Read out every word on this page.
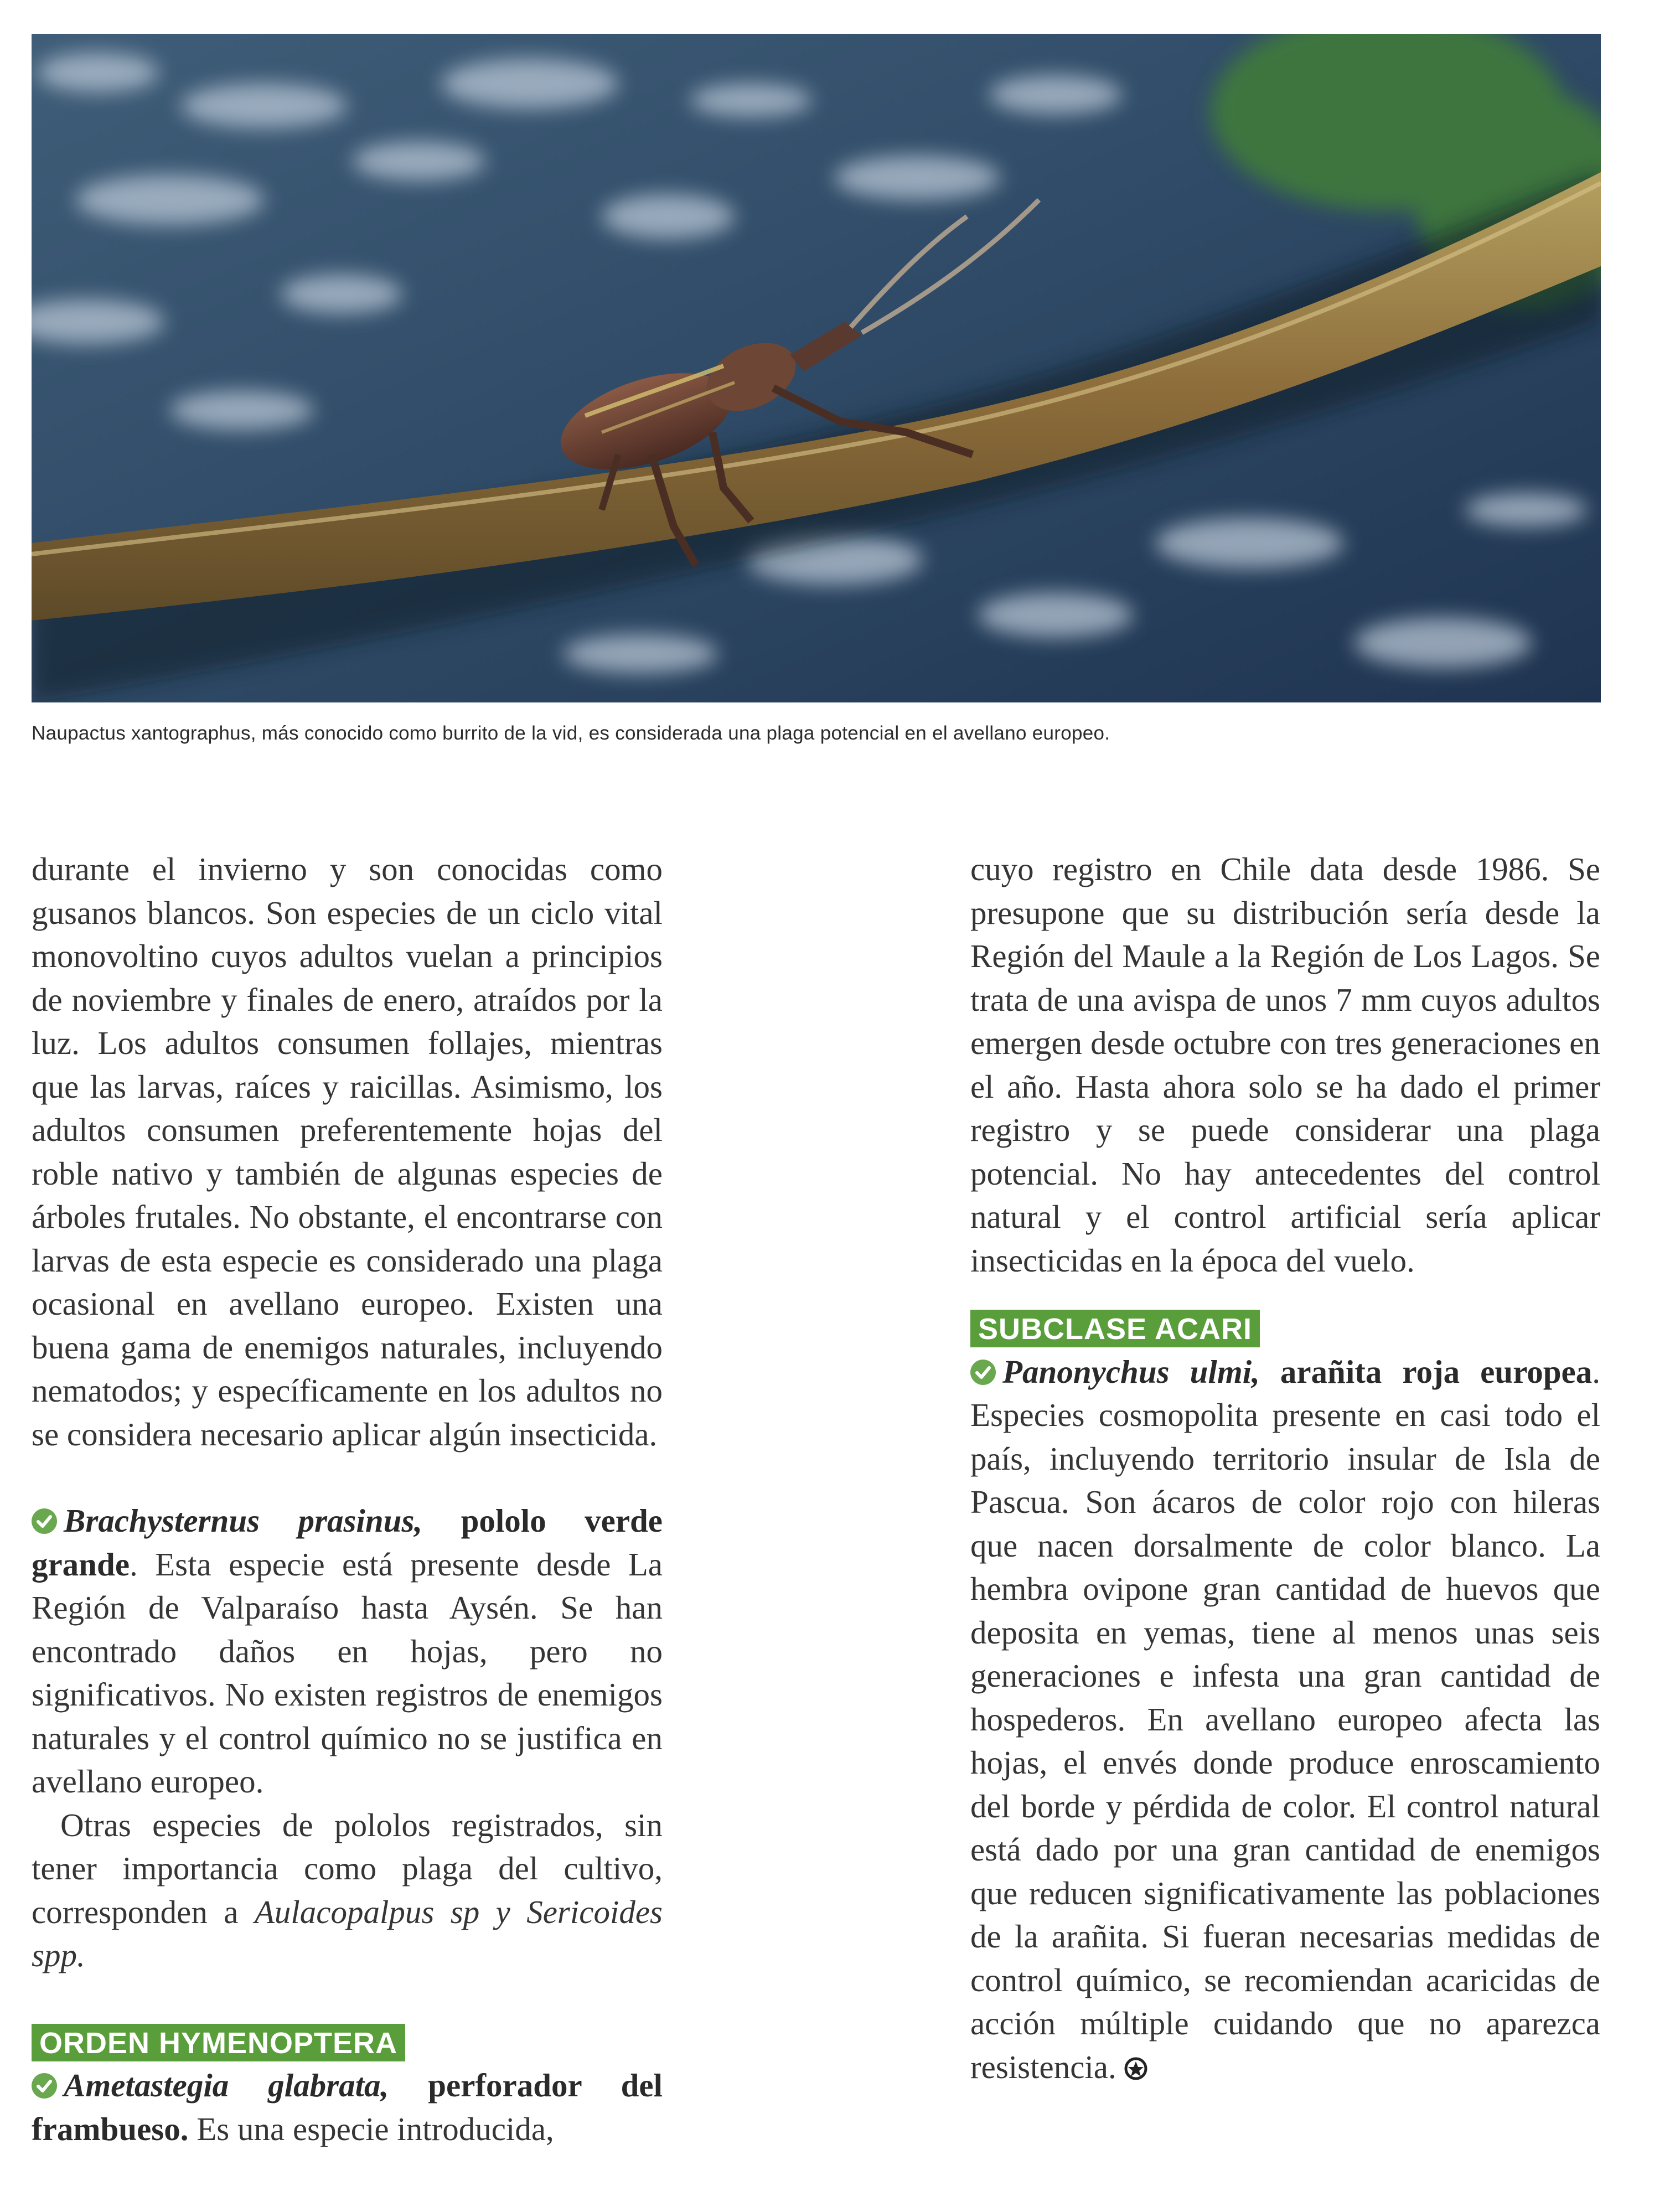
Naupactus xantographus, más conocido como burrito de la vid, es considerada una plaga potencial en el avellano europeo.

durante el invierno y son conocidas como gusanos blancos. Son especies de un ciclo vital monovoltino cuyos adultos vuelan a principios de noviembre y finales de enero, atraídos por la luz. Los adultos consumen follajes, mientras que las larvas, raíces y raicillas. Asimismo, los adultos consumen preferentemente hojas del roble nativo y también de algunas especies de árboles frutales. No obstante, el encontrarse con larvas de esta especie es considerado una plaga ocasional en avellano europeo. Existen una buena gama de enemigos naturales, incluyendo nematodos; y específicamente en los adultos no se considera necesario aplicar algún insecticida.

Brachysternus prasinus, pololo verde grande. Esta especie está presente desde La Región de Valparaíso hasta Aysén. Se han encontrado daños en hojas, pero no significativos. No existen registros de enemigos naturales y el control químico no se justifica en avellano europeo.

Otras especies de pololos registrados, sin tener importancia como plaga del cultivo, corresponden a Aulacopalpus sp y Sericoides spp.

ORDEN HYMENOPTERA

Ametastegia glabrata, perforador del frambueso. Es una especie introducida,

cuyo registro en Chile data desde 1986. Se presupone que su distribución sería desde la Región del Maule a la Región de Los Lagos. Se trata de una avispa de unos 7 mm cuyos adultos emergen desde octubre con tres generaciones en el año. Hasta ahora solo se ha dado el primer registro y se puede considerar una plaga potencial. No hay antecedentes del control natural y el control artificial sería aplicar insecticidas en la época del vuelo.

SUBCLASE ACARI

Panonychus ulmi, arañita roja europea. Especies cosmopolita presente en casi todo el país, incluyendo territorio insular de Isla de Pascua. Son ácaros de color rojo con hileras que nacen dorsalmente de color blanco. La hembra ovipone gran cantidad de huevos que deposita en yemas, tiene al menos unas seis generaciones e infesta una gran cantidad de hospederos. En avellano europeo afecta las hojas, el envés donde produce enroscamiento del borde y pérdida de color. El control natural está dado por una gran cantidad de enemigos que reducen significativamente las poblaciones de la arañita. Si fueran necesarias medidas de control químico, se recomiendan acaricidas de acción múltiple cuidando que no aparezca resistencia.
